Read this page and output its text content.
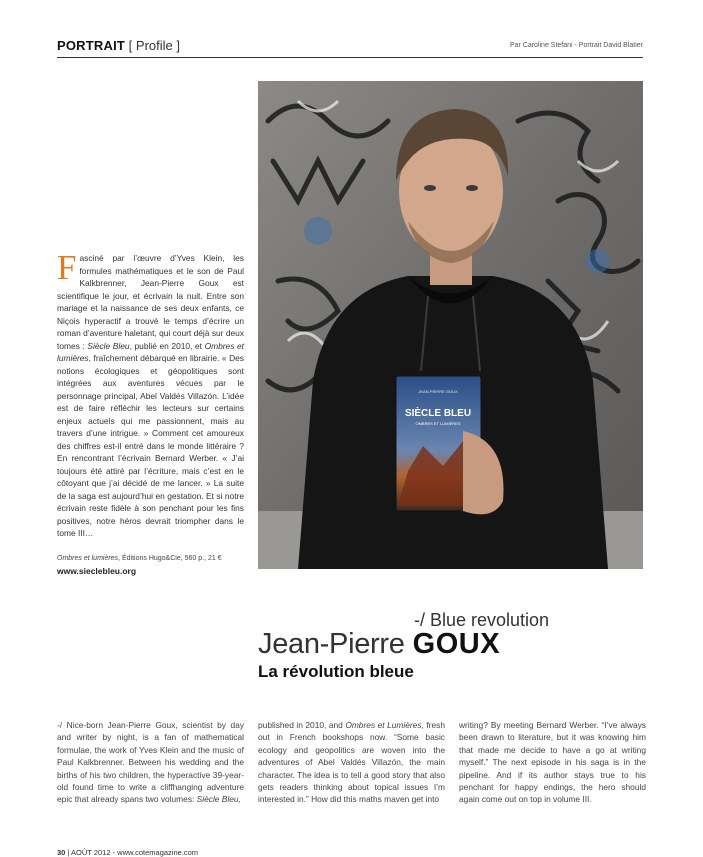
PORTRAIT [ Profile ]	Par Caroline Stefani - Portrait David Blatier
JEAN-PIERRE GOUX
SIÈCLE BLEU
OMBRES ET LUMIÈRES
Fasciné par l’œuvre d’Yves Klein, les formules mathématiques et le son de Paul Kalkbrenner, Jean-Pierre Goux est scientifique le jour, et écrivain la nuit. Entre son mariage et la naissance de ses deux enfants, ce Niçois hyperactif a trouvé le temps d’écrire un roman d’aventure haletant, qui court déjà sur deux tomes : Siècle Bleu, publié en 2010, et Ombres et lumières, fraîchement débarqué en librairie. « Des notions écologiques et géopolitiques sont intégrées aux aventures vécues par le personnage principal, Abel Valdés Villazón. L’idée est de faire réfléchir les lecteurs sur certains enjeux actuels qui me passionnent, mais au travers d’une intrigue. » Comment cet amoureux des chiffres est-il entré dans le monde littéraire ? En rencontrant l’écrivain Bernard Werber. « J’ai toujours été attiré par l’écriture, mais c’est en le côtoyant que j’ai décidé de me lancer. » La suite de la saga est aujourd’hui en gestation. Et si notre écrivain reste fidèle à son penchant pour les fins positives, notre héros devrait triompher dans le tome III…
Ombres et lumières, Éditions Hugo&Cie, 560 p., 21 €
www.sieclebleu.org
-/ Blue revolution
Jean-Pierre GOUX
La révolution bleue
-/ Nice-born Jean-Pierre Goux, scientist by day and writer by night, is a fan of mathematical formulae, the work of Yves Klein and the music of Paul Kalkbrenner. Between his wedding and the births of his two children, the hyperactive 39-year-old found time to write a cliffhanging adventure epic that already spans two volumes: Siècle Bleu,
published in 2010, and Ombres et Lumières, fresh out in French bookshops now. “Some basic ecology and geopolitics are woven into the adventures of Abel Valdés Villazón, the main character. The idea is to tell a good story that also gets readers thinking about topical issues I’m interested in.” How did this maths maven get into
writing? By meeting Bernard Werber. “I’ve always been drawn to literature, but it was knowing him that made me decide to have a go at writing myself.” The next episode in his saga is in the pipeline. And if its author stays true to his penchant for happy endings, the hero should again come out on top in volume III.
30 | AOÛT 2012 - www.cotemagazine.com
